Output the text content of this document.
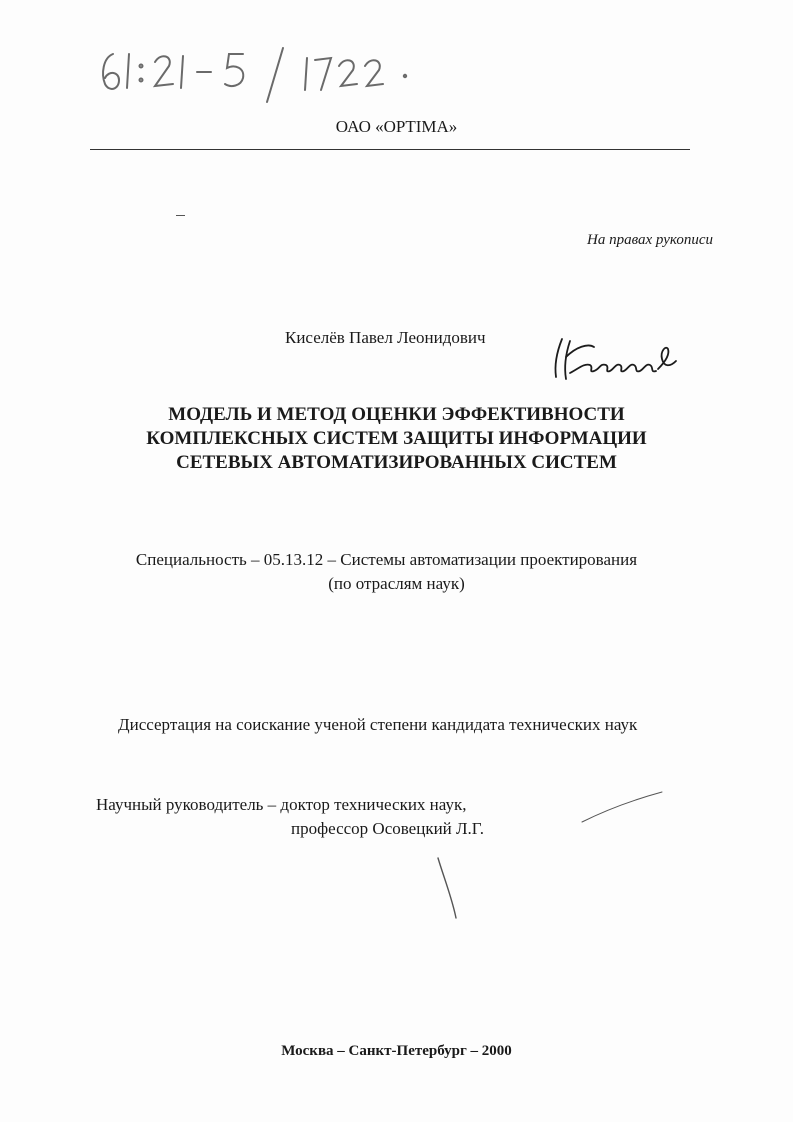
ОАО «OPTIMA»
На правах рукописи
Киселёв Павел Леонидович
МОДЕЛЬ И МЕТОД ОЦЕНКИ ЭФФЕКТИВНОСТИ
КОМПЛЕКСНЫХ СИСТЕМ ЗАЩИТЫ ИНФОРМАЦИИ
СЕТЕВЫХ АВТОМАТИЗИРОВАННЫХ СИСТЕМ
Специальность – 05.13.12 – Системы автоматизации проектирования
(по отраслям наук)
Диссертация на соискание ученой степени кандидата технических наук
Научный руководитель – доктор технических наук,
профессор Осовецкий Л.Г.
Москва – Санкт-Петербург – 2000
